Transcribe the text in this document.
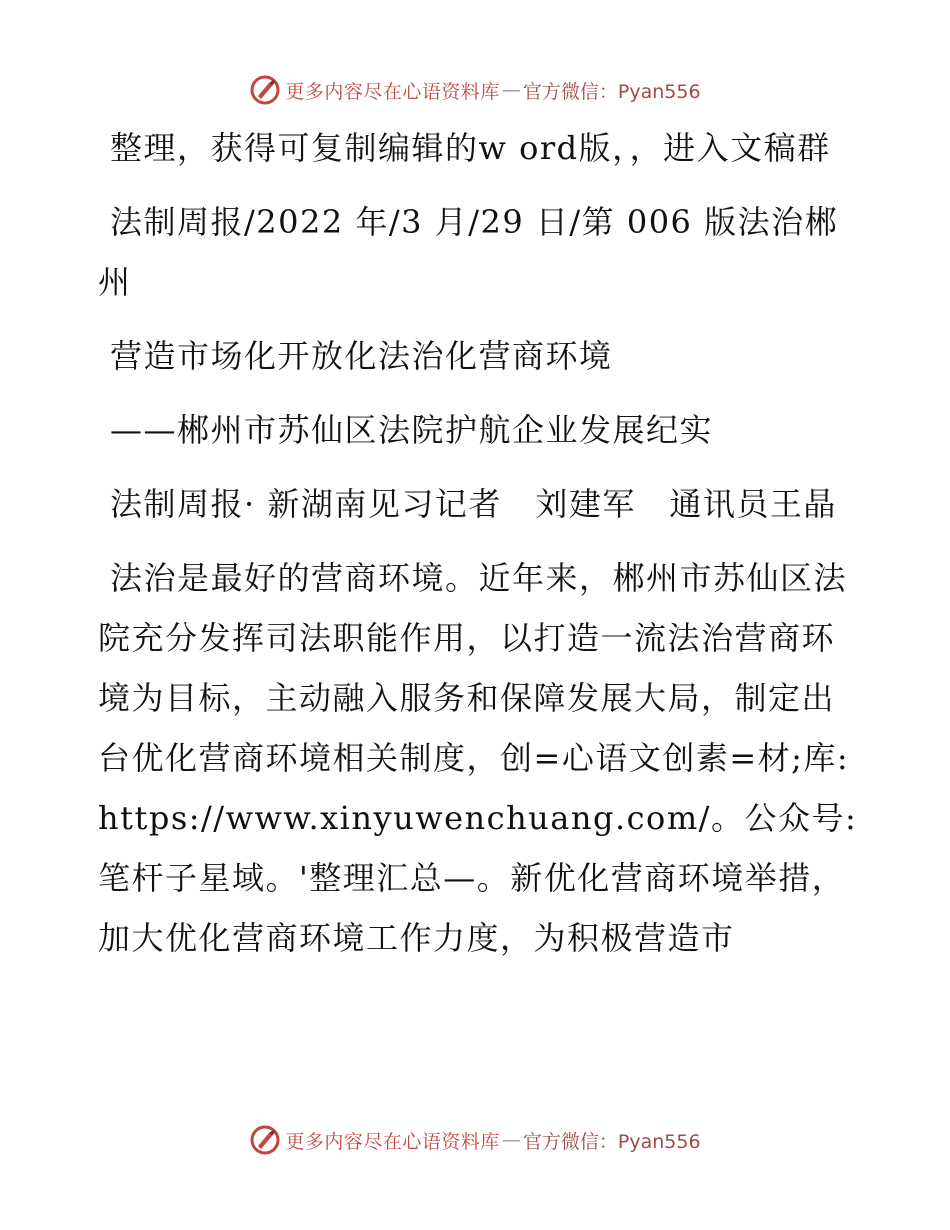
更多内容尽在心语资料库 — 官方微信：Pyan556

整理，获得可复制编辑的w ord版，，进入文稿群

法制周报/2022 年/3 月/29 日/第 006 版法治郴州

营造市场化开放化法治化营商环境

——郴州市苏仙区法院护航企业发展纪实

法制周报· 新湖南见习记者　刘建军　通讯员王晶

法治是最好的营商环境。近年来，郴州市苏仙区法院充分发挥司法职能作用，以打造一流法治营商环境为目标，主动融入服务和保障发展大局，制定出台优化营商环境相关制度，创=心语文创素=材;库: https://www.xinyuwenchuang.com/。公众号: 笔杆子星域。'整理汇总—。新优化营商环境举措，加大优化营商环境工作力度，为积极营造市

更多内容尽在心语资料库 — 官方微信：Pyan556
